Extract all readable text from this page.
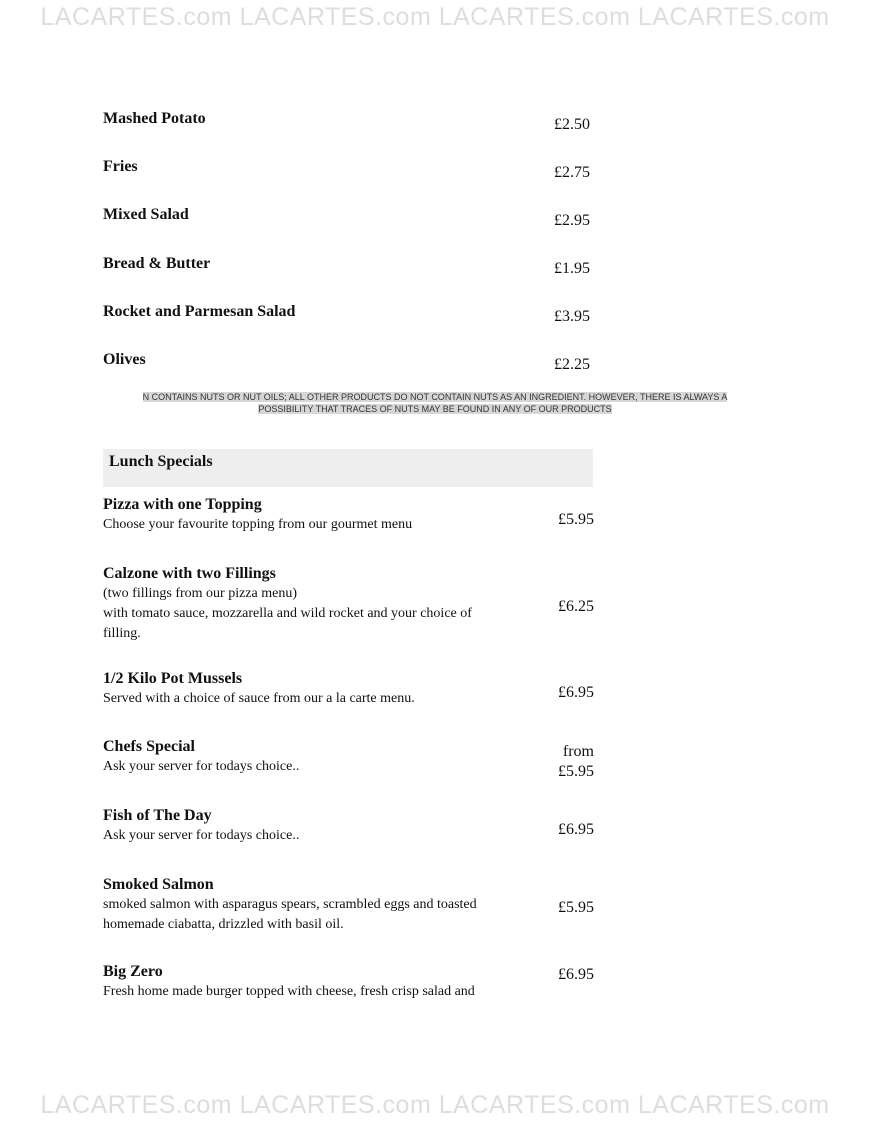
LACARTES.com LACARTES.com LACARTES.com LACARTES.com
Mashed Potato	£2.50
Fries	£2.75
Mixed Salad	£2.95
Bread & Butter	£1.95
Rocket and Parmesan Salad	£3.95
Olives	£2.25
N CONTAINS NUTS OR NUT OILS; ALL OTHER PRODUCTS DO NOT CONTAIN NUTS AS AN INGREDIENT. HOWEVER, THERE IS ALWAYS A
POSSIBILITY THAT TRACES OF NUTS MAY BE FOUND IN ANY OF OUR PRODUCTS
Lunch Specials
Pizza with one Topping
Choose your favourite topping from our gourmet menu	£5.95
Calzone with two Fillings
(two fillings from our pizza menu)
with tomato sauce, mozzarella and wild rocket and your choice of
filling.
£6.25
1/2 Kilo Pot Mussels
Served with a choice of sauce from our a la carte menu.	£6.95
Chefs Special
Ask your server for todays choice..
from
£5.95
Fish of The Day
Ask your server for todays choice..	£6.95
Smoked Salmon
smoked salmon with asparagus spears, scrambled eggs and toasted
homemade ciabatta, drizzled with basil oil.
£5.95
Big Zero
Fresh home made burger topped with cheese, fresh crisp salad and
£6.95
LACARTES.com LACARTES.com LACARTES.com LACARTES.com
